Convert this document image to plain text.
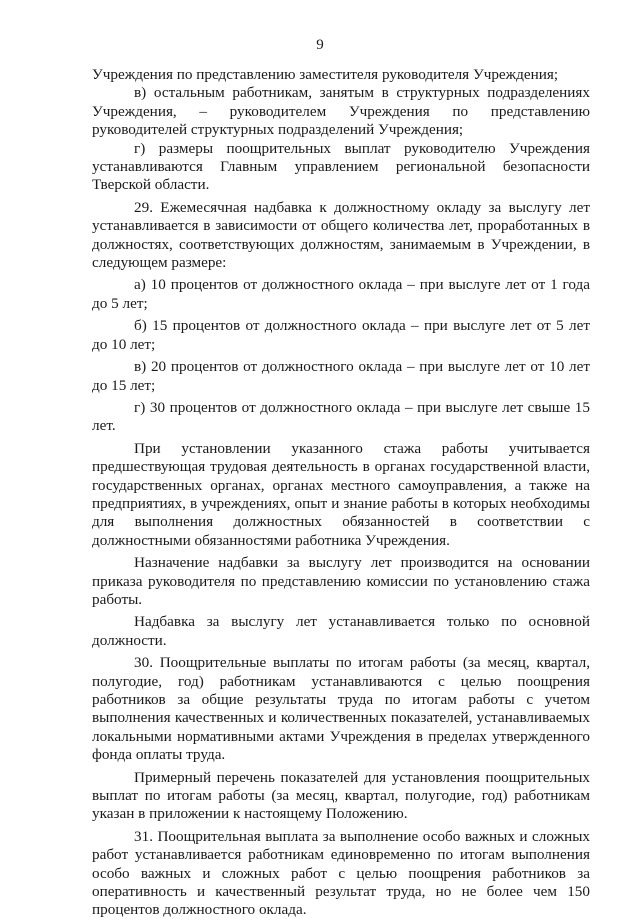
9

Учреждения по представлению заместителя руководителя Учреждения;

в) остальным работникам, занятым в структурных подразделениях Учреждения, – руководителем Учреждения по представлению руководителей структурных подразделений Учреждения;

г) размеры поощрительных выплат руководителю Учреждения устанавливаются Главным управлением региональной безопасности Тверской области.

29. Ежемесячная надбавка к должностному окладу за выслугу лет устанавливается в зависимости от общего количества лет, проработанных в должностях, соответствующих должностям, занимаемым в Учреждении, в следующем размере:

а) 10 процентов от должностного оклада – при выслуге лет от 1 года до 5 лет;

б) 15 процентов от должностного оклада – при выслуге лет от 5 лет до 10 лет;

в) 20 процентов от должностного оклада – при выслуге лет от 10 лет до 15 лет;

г) 30 процентов от должностного оклада – при выслуге лет свыше 15 лет.

При установлении указанного стажа работы учитывается предшествующая трудовая деятельность в органах государственной власти, государственных органах, органах местного самоуправления, а также на предприятиях, в учреждениях, опыт и знание работы в которых необходимы для выполнения должностных обязанностей в соответствии с должностными обязанностями работника Учреждения.

Назначение надбавки за выслугу лет производится на основании приказа руководителя по представлению комиссии по установлению стажа работы.

Надбавка за выслугу лет устанавливается только по основной должности.

30. Поощрительные выплаты по итогам работы (за месяц, квартал, полугодие, год) работникам устанавливаются с целью поощрения работников за общие результаты труда по итогам работы с учетом выполнения качественных и количественных показателей, устанавливаемых локальными нормативными актами Учреждения в пределах утвержденного фонда оплаты труда.

Примерный перечень показателей для установления поощрительных выплат по итогам работы (за месяц, квартал, полугодие, год) работникам указан в приложении к настоящему Положению.

31. Поощрительная выплата за выполнение особо важных и сложных работ устанавливается работникам единовременно по итогам выполнения особо важных и сложных работ с целью поощрения работников за оперативность и качественный результат труда, но не более чем 150 процентов должностного оклада.
